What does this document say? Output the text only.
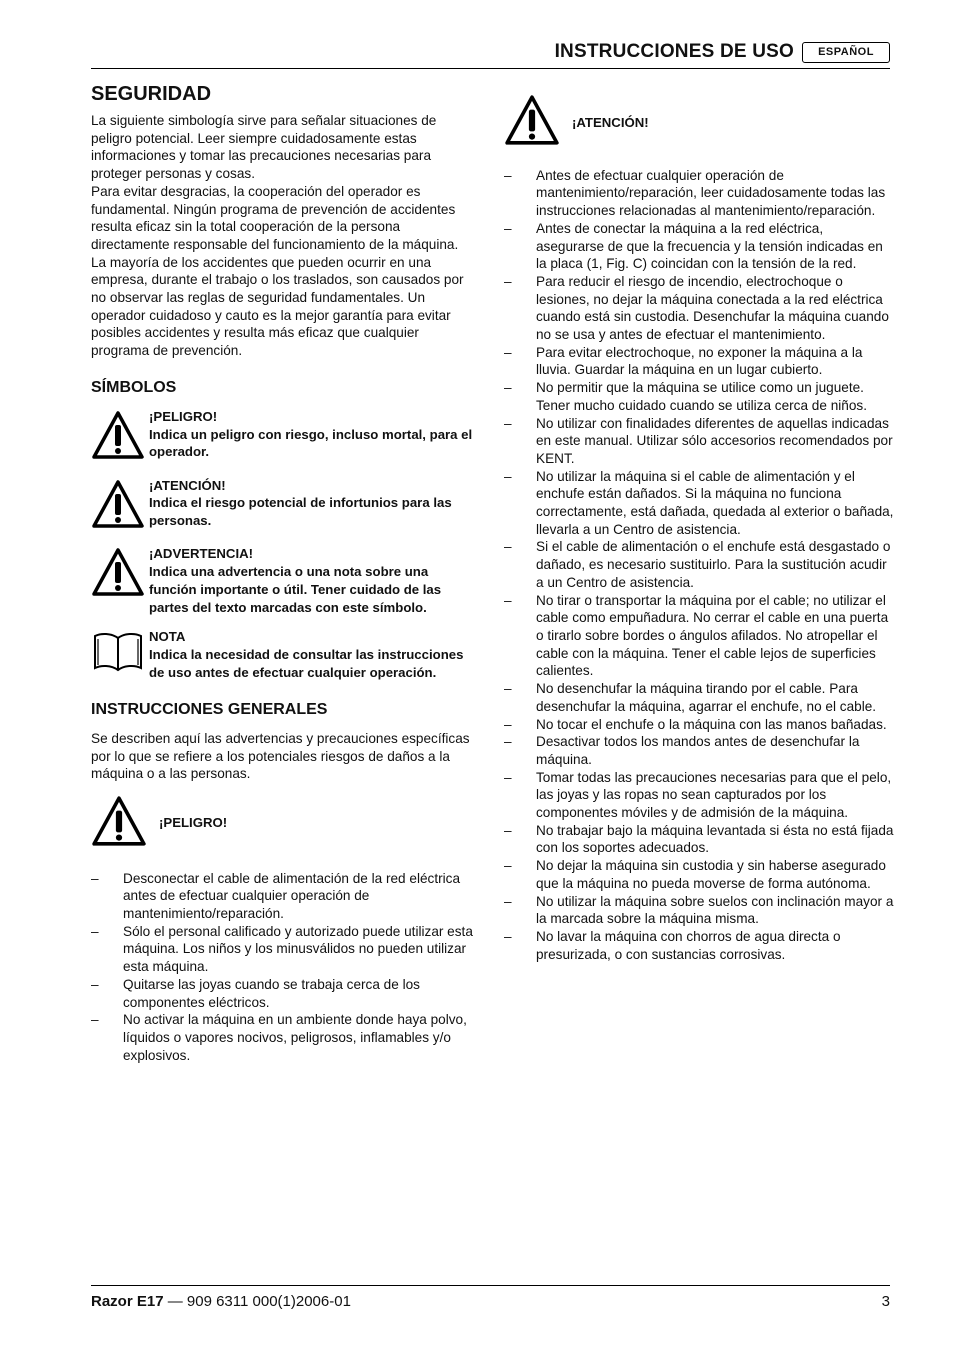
INSTRUCCIONES DE USO	ESPAÑOL
SEGURIDAD

La siguiente simbología sirve para señalar situaciones de peligro potencial. Leer siempre cuidadosamente estas informaciones y tomar las precauciones necesarias para proteger personas y cosas.

Para evitar desgracias, la cooperación del operador es fundamental. Ningún programa de prevención de accidentes resulta eficaz sin la total cooperación de la persona directamente responsable del funcionamiento de la máquina. La mayoría de los accidentes que pueden ocurrir en una empresa, durante el trabajo o los traslados, son causados por no observar las reglas de seguridad fundamentales. Un operador cuidadoso y cauto es la mejor garantía para evitar posibles accidentes y resulta más eficaz que cualquier programa de prevención.

SÍMBOLOS
¡PELIGRO!
Indica un peligro con riesgo, incluso mortal, para el operador.
¡ATENCIÓN!
Indica el riesgo potencial de infortunios para las personas.
¡ADVERTENCIA!
Indica una advertencia o una nota sobre una función importante o útil. Tener cuidado de las partes del texto marcadas con este símbolo.
NOTA
Indica la necesidad de consultar las instrucciones de uso antes de efectuar cualquier operación.
INSTRUCCIONES GENERALES

Se describen aquí las advertencias y precauciones específicas por lo que se refiere a los potenciales riesgos de daños a la máquina o a las personas.

¡PELIGRO!
– Desconectar el cable de alimentación de la red eléctrica antes de efectuar cualquier operación de mantenimiento/reparación.
– Sólo el personal calificado y autorizado puede utilizar esta máquina. Los niños y los minusválidos no pueden utilizar esta máquina.
– Quitarse las joyas cuando se trabaja cerca de los componentes eléctricos.
– No activar la máquina en un ambiente donde haya polvo, líquidos o vapores nocivos, peligrosos, inflamables y/o explosivos.
¡ATENCIÓN!
– Antes de efectuar cualquier operación de mantenimiento/reparación, leer cuidadosamente todas las instrucciones relacionadas al mantenimiento/reparación.
– Antes de conectar la máquina a la red eléctrica, asegurarse de que la frecuencia y la tensión indicadas en la placa (1, Fig. C) coincidan con la tensión de la red.
– Para reducir el riesgo de incendio, electrochoque o lesiones, no dejar la máquina conectada a la red eléctrica cuando está sin custodia. Desenchufar la máquina cuando no se usa y antes de efectuar el mantenimiento.
– Para evitar electrochoque, no exponer la máquina a la lluvia. Guardar la máquina en un lugar cubierto.
– No permitir que la máquina se utilice como un juguete. Tener mucho cuidado cuando se utiliza cerca de niños.
– No utilizar con finalidades diferentes de aquellas indicadas en este manual. Utilizar sólo accesorios recomendados por KENT.
– No utilizar la máquina si el cable de alimentación y el enchufe están dañados. Si la máquina no funciona correctamente, está dañada, quedada al exterior o bañada, llevarla a un Centro de asistencia.
– Si el cable de alimentación o el enchufe está desgastado o dañado, es necesario sustituirlo. Para la sustitución acudir a un Centro de asistencia.
– No tirar o transportar la máquina por el cable; no utilizar el cable como empuñadura. No cerrar el cable en una puerta o tirarlo sobre bordes o ángulos afilados. No atropellar el cable con la máquina. Tener el cable lejos de superficies calientes.
– No desenchufar la máquina tirando por el cable. Para desenchufar la máquina, agarrar el enchufe, no el cable.
– No tocar el enchufe o la máquina con las manos bañadas.
– Desactivar todos los mandos antes de desenchufar la máquina.
– Tomar todas las precauciones necesarias para que el pelo, las joyas y las ropas no sean capturados por los componentes móviles y de admisión de la máquina.
– No trabajar bajo la máquina levantada si ésta no está fijada con los soportes adecuados.
– No dejar la máquina sin custodia y sin haberse asegurado que la máquina no pueda moverse de forma autónoma.
– No utilizar la máquina sobre suelos con inclinación mayor a la marcada sobre la máquina misma.
– No lavar la máquina con chorros de agua directa o presurizada, o con sustancias corrosivas.
Razor E17 — 909 6311 000(1)2006-01	3
